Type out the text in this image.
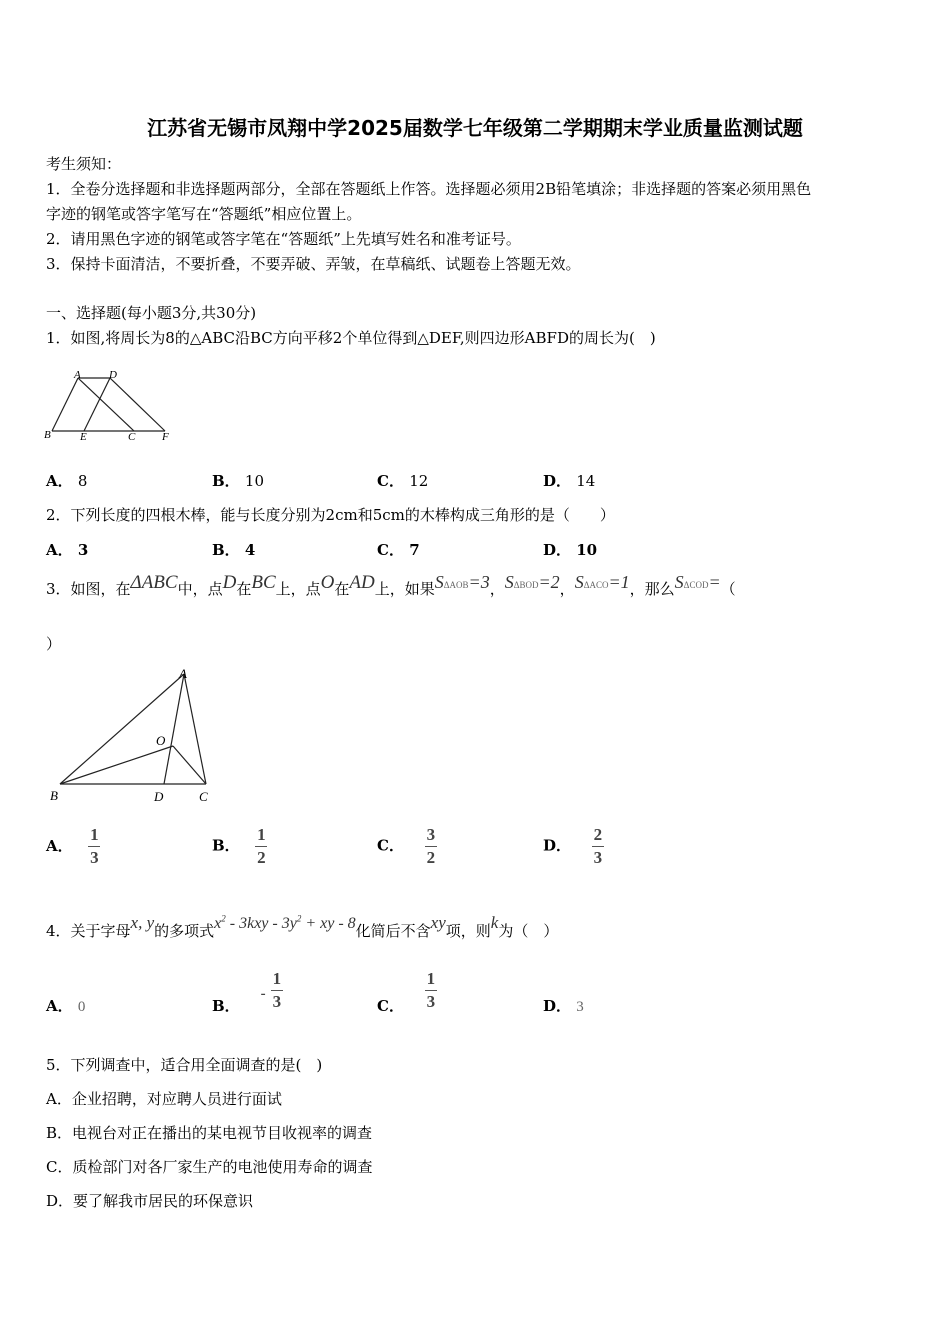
江苏省无锡市凤翔中学2025届数学七年级第二学期期末学业质量监测试题
考生须知：
1．全卷分选择题和非选择题两部分，全部在答题纸上作答。选择题必须用2B铅笔填涂；非选择题的答案必须用黑色
字迹的钢笔或答字笔写在“答题纸”相应位置上。
2．请用黑色字迹的钢笔或答字笔在“答题纸”上先填写姓名和准考证号。
3．保持卡面清洁，不要折叠，不要弄破、弄皱，在草稿纸、试题卷上答题无效。
一、选择题(每小题3分,共30分)
1．如图,将周长为8的△ABC沿BC方向平移2个单位得到△DEF,则四边形ABFD的周长为(　)
A	D
B	E	C F
A． 8	B． 10	C． 12	D． 14
2．下列长度的四根木棒，能与长度分别为2cm和5cm的木棒构成三角形的是（　　）
A． 3	B． 4	C． 7	D． 10
3．如图，在ΔABC中，点D在BC上，点O在AD上，如果SΔAOB=3，SΔBOD=2，SΔACO=1，那么SΔCOD=（
）
A
O
B	D	C
A． $\frac{1}{3}$	B． $\frac{1}{2}$	C． $\frac{3}{2}$	D． $\frac{2}{3}$
4．关于字母x, y的多项式$x^2 - 3kxy - 3y^2$ + xy - 8化简后不含xy项，则k为（　）
A． 0	B．    - $\frac{1}{3}$	C． $\frac{1}{3}$	D． 3
5．下列调查中，适合用全面调查的是(　)
A．企业招聘，对应聘人员进行面试
B．电视台对正在播出的某电视节目收视率的调查
C．质检部门对各厂家生产的电池使用寿命的调查
D．要了解我市居民的环保意识
